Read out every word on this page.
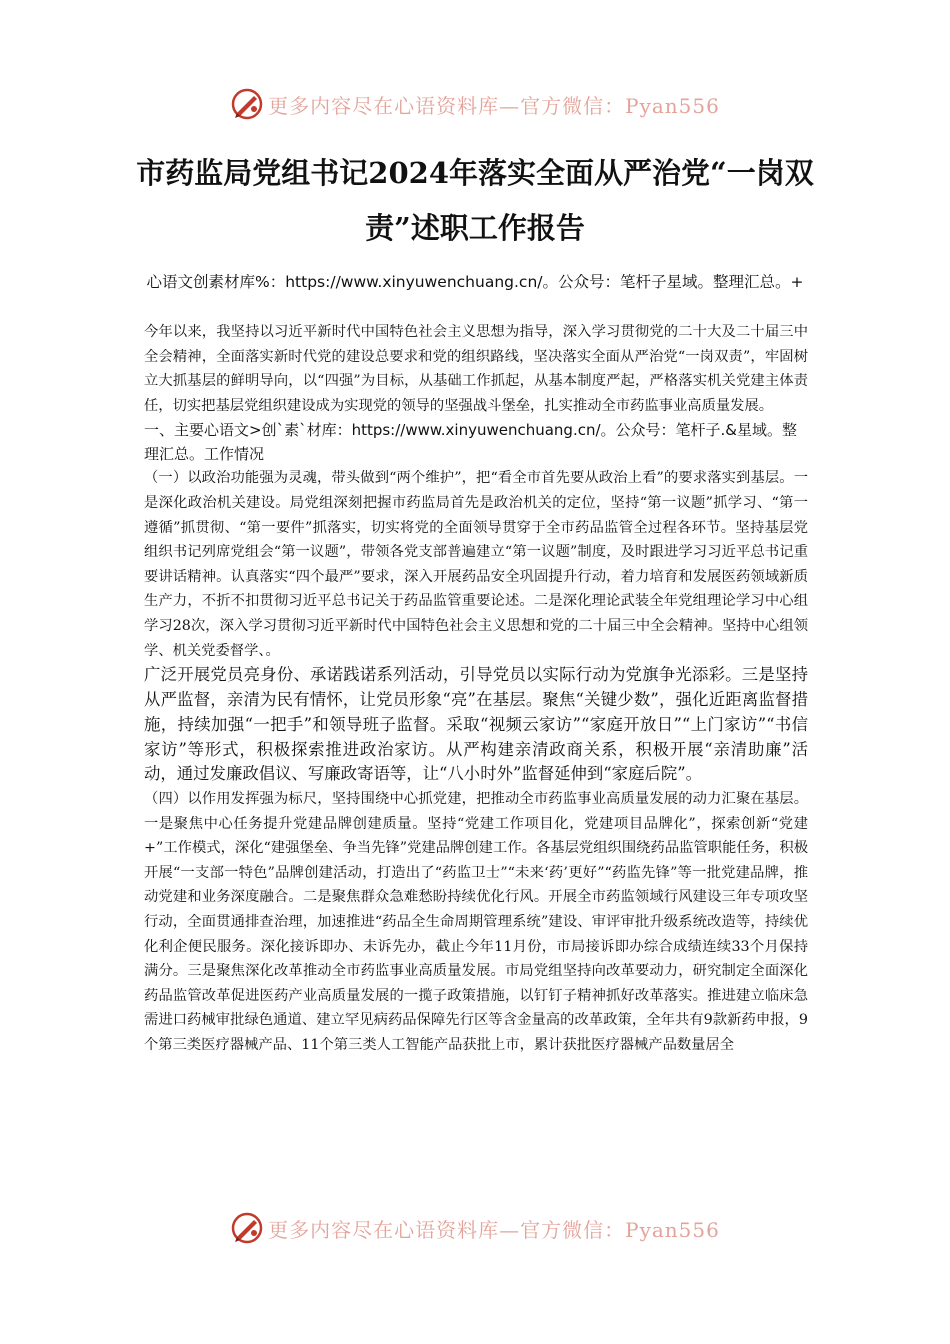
更多内容尽在心语资料库—官方微信：Pyan556
市药监局党组书记2024年落实全面从严治党“一岗双责”述职工作报告
心语文创素材库%：https://www.xinyuwenchuang.cn/。公众号：笔杆子星域。整理汇总。+

今年以来，我坚持以习近平新时代中国特色社会主义思想为指导，深入学习贯彻党的二十大及二十届三中全会精神，全面落实新时代党的建设总要求和党的组织路线，坚决落实全面从严治党“一岗双责”，牢固树立大抓基层的鲜明导向，以“四强”为目标，从基础工作抓起，从基本制度严起，严格落实机关党建主体责任，切实把基层党组织建设成为实现党的领导的坚强战斗堡垒，扎实推动全市药监事业高质量发展。

一、主要心语文>创`素`材库：https://www.xinyuwenchuang.cn/。公众号：笔杆子.&星域。整理汇总。工作情况

（一）以政治功能强为灵魂，带头做到“两个维护”，把“看全市首先要从政治上看”的要求落实到基层。一是深化政治机关建设。局党组深刻把握市药监局首先是政治机关的定位，坚持“第一议题”抓学习、“第一遵循”抓贯彻、“第一要件”抓落实，切实将党的全面领导贯穿于全市药品监管全过程各环节。坚持基层党组织书记列席党组会“第一议题”，带领各党支部普遍建立“第一议题”制度，及时跟进学习习近平总书记重要讲话精神。认真落实“四个最严”要求，深入开展药品安全巩固提升行动，着力培育和发展医药领域新质生产力，不折不扣贯彻习近平总书记关于药品监管重要论述。二是深化理论武装全年党组理论学习中心组学习28次，深入学习贯彻习近平新时代中国特色社会主义思想和党的二十届三中全会精神。坚持中心组领学、机关党委督学、。

广泛开展党员亮身份、承诺践诺系列活动，引导党员以实际行动为党旗争光添彩。三是坚持从严监督，亲清为民有情怀，让党员形象“亮”在基层。聚焦“关键少数”，强化近距离监督措施，持续加强“一把手”和领导班子监督。采取“视频云家访”“家庭开放日”“上门家访”“书信家访”等形式，积极探索推进政治家访。从严构建亲清政商关系，积极开展“亲清助廉”活动，通过发廉政倡议、写廉政寄语等，让“八小时外”监督延伸到“家庭后院”。

（四）以作用发挥强为标尺，坚持围绕中心抓党建，把推动全市药监事业高质量发展的动力汇聚在基层。一是聚焦中心任务提升党建品牌创建质量。坚持“党建工作项目化，党建项目品牌化”，探索创新“党建+”工作模式，深化“建强堡垒、争当先锋”党建品牌创建工作。各基层党组织围绕药品监管职能任务，积极开展“一支部一特色”品牌创建活动，打造出了“药监卫士”“未来‘药’更好”“药监先锋”等一批党建品牌，推动党建和业务深度融合。二是聚焦群众急难愁盼持续优化行风。开展全市药监领域行风建设三年专项攻坚行动，全面贯通排查治理，加速推进“药品全生命周期管理系统”建设、审评审批升级系统改造等，持续优化利企便民服务。深化接诉即办、未诉先办，截止今年11月份，市局接诉即办综合成绩连续33个月保持满分。三是聚焦深化改革推动全市药监事业高质量发展。市局党组坚持向改革要动力，研究制定全面深化药品监管改革促进医药产业高质量发展的一揽子政策措施，以钉钉子精神抓好改革落实。推进建立临床急需进口药械审批绿色通道、建立罕见病药品保障先行区等含金量高的改革政策，全年共有9款新药申报，9个第三类医疗器械产品、11个第三类人工智能产品获批上市，累计获批医疗器械产品数量居全

更多内容尽在心语资料库—官方微信：Pyan556
